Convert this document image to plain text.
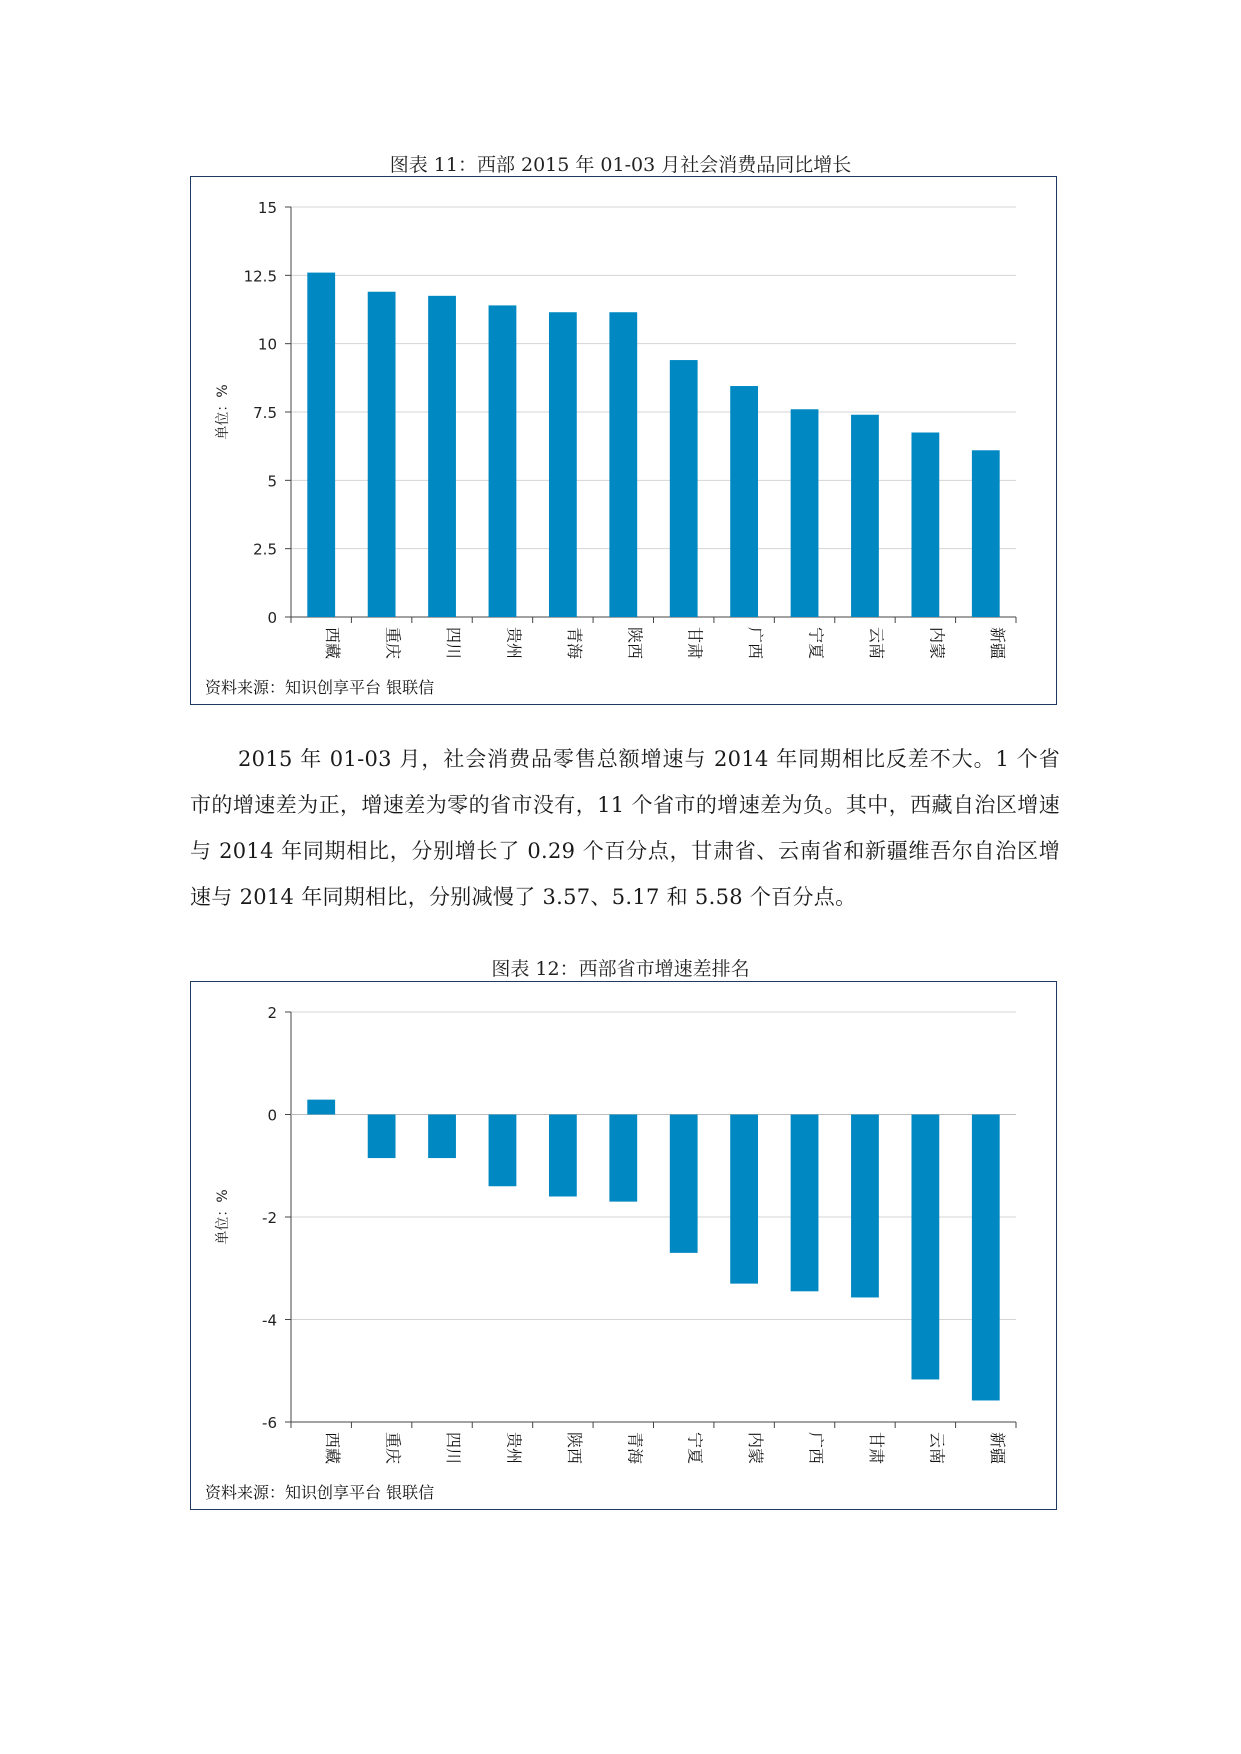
图表 11：西部 2015 年 01-03 月社会消费品同比增长
0
2.5
5
7.5
10
12.5
15
西藏	重庆	四川	贵州	青海	陕西	甘肃	广西	宁夏	云南	内蒙	新疆
单位：%
资料来源：知识创享平台 银联信

2015 年 01-03 月，社会消费品零售总额增速与 2014 年同期相比反差不大。1 个省市的增速差为正，增速差为零的省市没有，11 个省市的增速差为负。其中，西藏自治区增速与 2014 年同期相比，分别增长了 0.29 个百分点，甘肃省、云南省和新疆维吾尔自治区增速与 2014 年同期相比，分别减慢了 3.57、5.17 和 5.58 个百分点。

图表 12：西部省市增速差排名
-6
-4
-2
0
2
西藏	重庆	四川	贵州	陕西	青海	宁夏	内蒙	广西	甘肃	云南	新疆
单位：%
资料来源：知识创享平台 银联信
